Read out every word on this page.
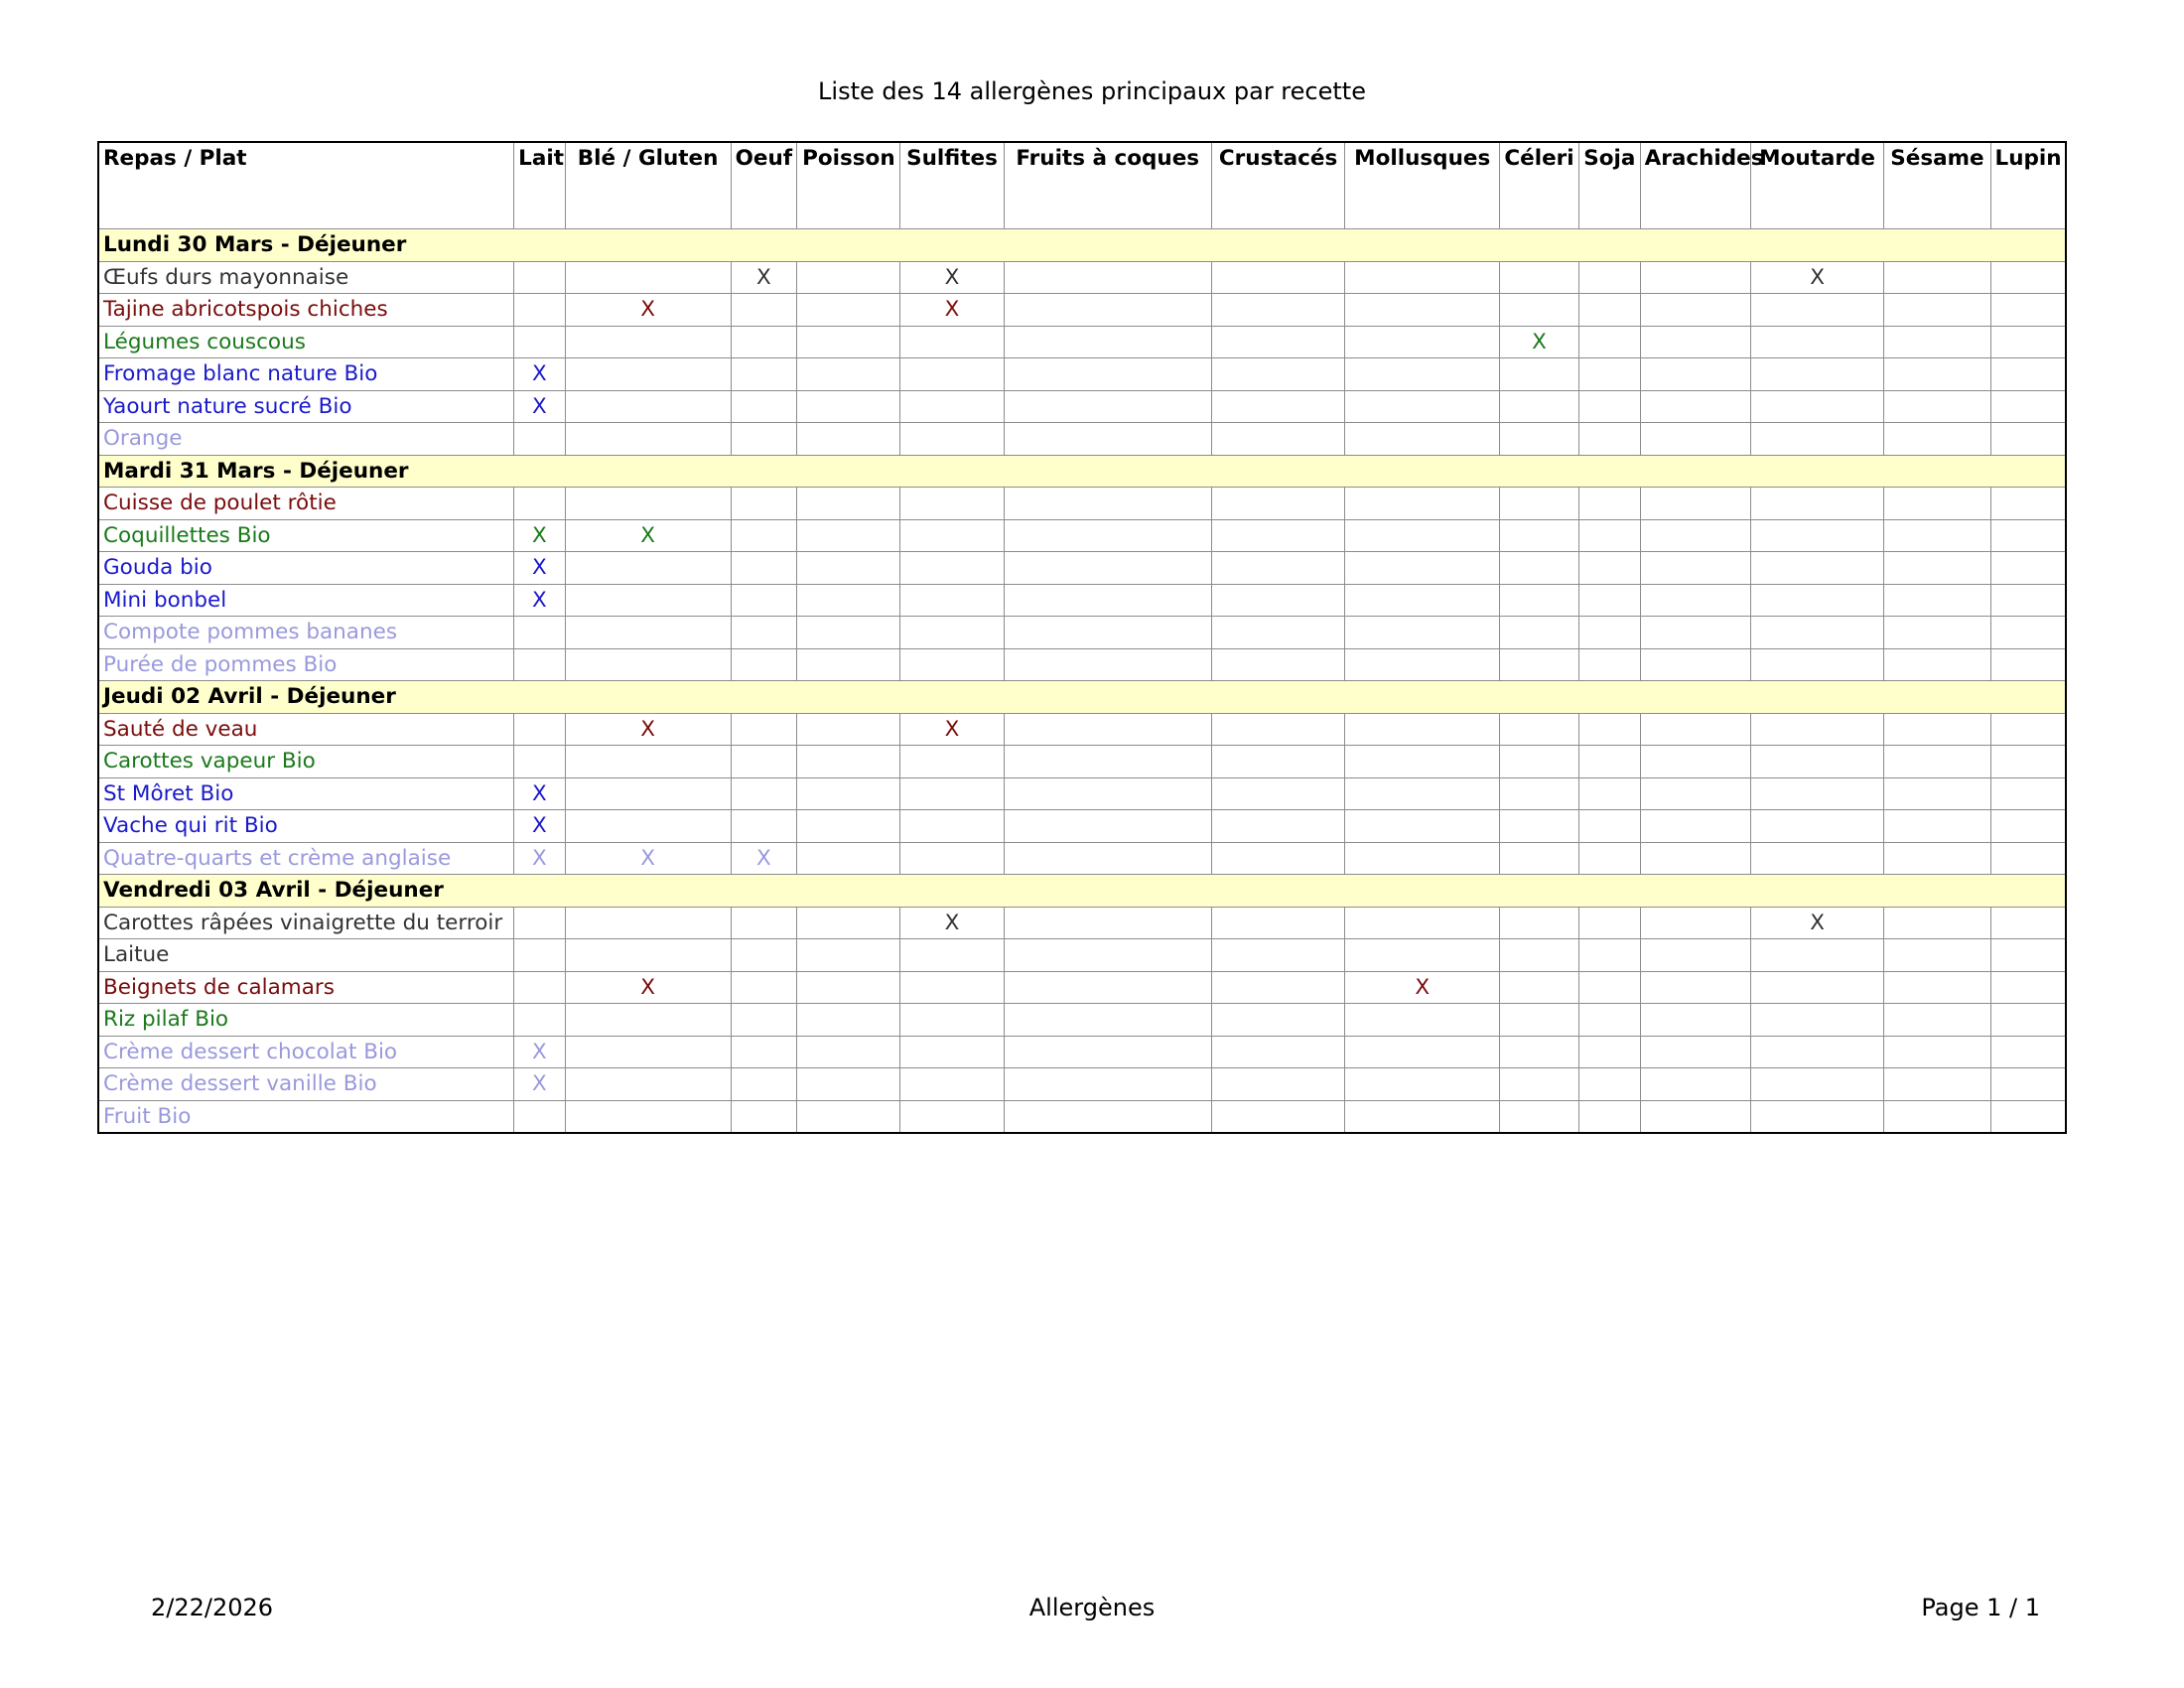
Liste des 14 allergènes principaux par recette
Repas / Plat	Lait	Blé / Gluten	Oeuf	Poisson	Sulfites	Fruits à coques	Crustacés	Mollusques	Céleri	Soja	Arachides	Moutarde	Sésame	Lupin
Lundi 30 Mars - Déjeuner														
Œufs durs mayonnaise			X		X							X		
Tajine abricotspois chiches		X			X									
Légumes couscous									X					
Fromage blanc nature Bio	X													
Yaourt nature sucré Bio	X													
Orange														
Mardi 31 Mars - Déjeuner														
Cuisse de poulet rôtie														
Coquillettes Bio	X	X												
Gouda bio	X													
Mini bonbel	X													
Compote pommes bananes														
Purée de pommes Bio														
Jeudi 02 Avril - Déjeuner														
Sauté de veau		X			X									
Carottes vapeur Bio														
St Môret Bio	X													
Vache qui rit Bio	X													
Quatre-quarts et crème anglaise	X	X	X											
Vendredi 03 Avril - Déjeuner														
Carottes râpées vinaigrette du terroir					X							X		
Laitue														
Beignets de calamars		X						X						
Riz pilaf Bio														
Crème dessert chocolat Bio	X													
Crème dessert vanille Bio	X													
Fruit Bio														
2/22/2026	Allergènes	Page 1 / 1
